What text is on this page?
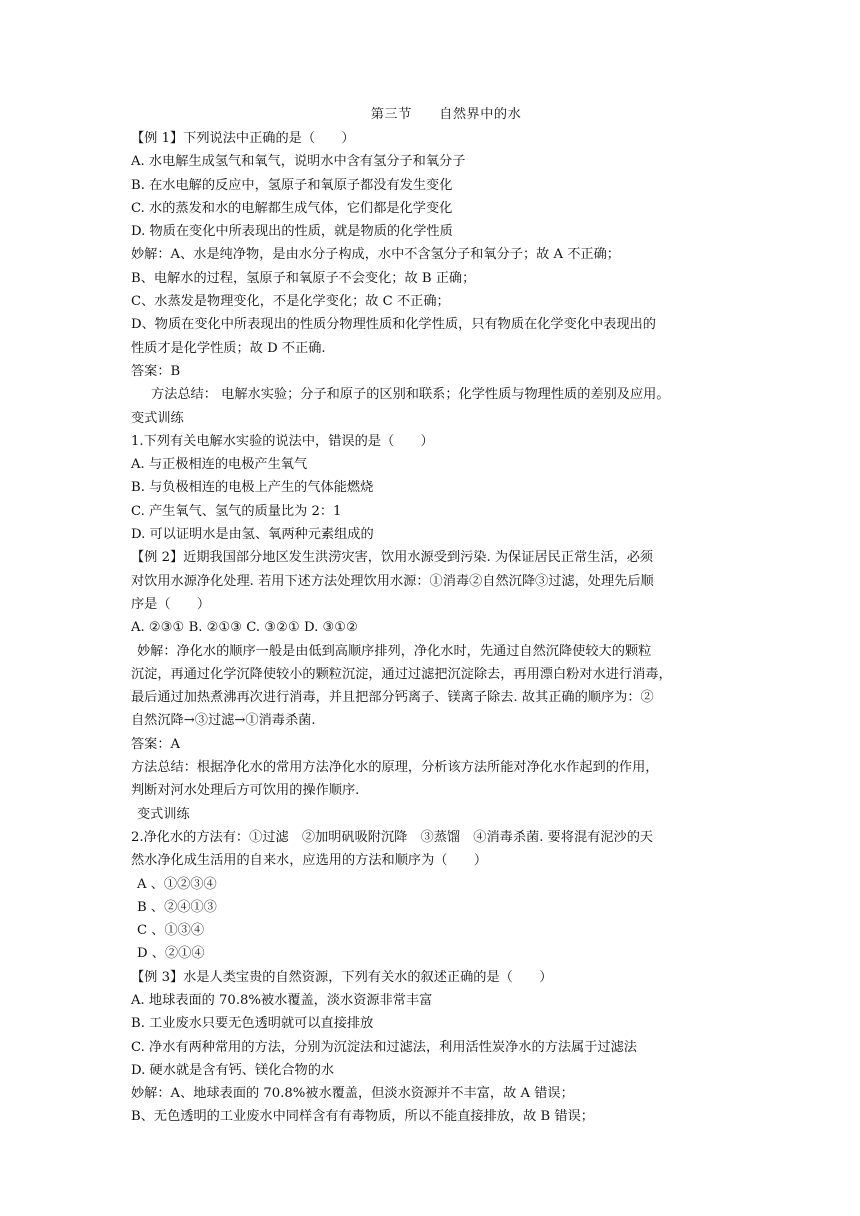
第三节　　自然界中的水
【例 1】下列说法中正确的是（　　）
A. 水电解生成氢气和氧气，说明水中含有氢分子和氧分子
B. 在水电解的反应中，氢原子和氧原子都没有发生变化
C. 水的蒸发和水的电解都生成气体，它们都是化学变化
D. 物质在变化中所表现出的性质，就是物质的化学性质
妙解：A、水是纯净物，是由水分子构成，水中不含氢分子和氧分子；故 A 不正确；
B、电解水的过程，氢原子和氧原子不会变化；故 B 正确；
C、水蒸发是物理变化，不是化学变化；故 C 不正确；
D、物质在变化中所表现出的性质分物理性质和化学性质，只有物质在化学变化中表现出的
性质才是化学性质；故 D 不正确.
答案：B
方法总结： 电解水实验；分子和原子的区别和联系；化学性质与物理性质的差别及应用。
变式训练
1.下列有关电解水实验的说法中，错误的是（　　）
A. 与正极相连的电极产生氧气
B. 与负极相连的电极上产生的气体能燃烧
C. 产生氧气、氢气的质量比为 2：1
D. 可以证明水是由氢、氧两种元素组成的
【例 2】近期我国部分地区发生洪涝灾害，饮用水源受到污染. 为保证居民正常生活，必须
对饮用水源净化处理. 若用下述方法处理饮用水源：①消毒②自然沉降③过滤，处理先后顺
序是（　　）
A. ②③① B. ②①③ C. ③②① D. ③①②
妙解：净化水的顺序一般是由低到高顺序排列，净化水时，先通过自然沉降使较大的颗粒
沉淀，再通过化学沉降使较小的颗粒沉淀，通过过滤把沉淀除去，再用漂白粉对水进行消毒，
最后通过加热煮沸再次进行消毒，并且把部分钙离子、镁离子除去. 故其正确的顺序为：②
自然沉降→③过滤→①消毒杀菌.
答案：A
方法总结：根据净化水的常用方法净化水的原理，分析该方法所能对净化水作起到的作用，
判断对河水处理后方可饮用的操作顺序.
变式训练
2.净化水的方法有：①过滤　②加明矾吸附沉降　③蒸馏　④消毒杀菌. 要将混有泥沙的天
然水净化成生活用的自来水，应选用的方法和顺序为（　　）
A 、①②③④
B 、②④①③
C 、①③④
D 、②①④
【例 3】水是人类宝贵的自然资源，下列有关水的叙述正确的是（　　）
A. 地球表面的 70.8%被水覆盖，淡水资源非常丰富
B. 工业废水只要无色透明就可以直接排放
C. 净水有两种常用的方法，分别为沉淀法和过滤法，利用活性炭净水的方法属于过滤法
D. 硬水就是含有钙、镁化合物的水
妙解：A、地球表面的 70.8%被水覆盖，但淡水资源并不丰富，故 A 错误；
B、无色透明的工业废水中同样含有有毒物质，所以不能直接排放，故 B 错误；
